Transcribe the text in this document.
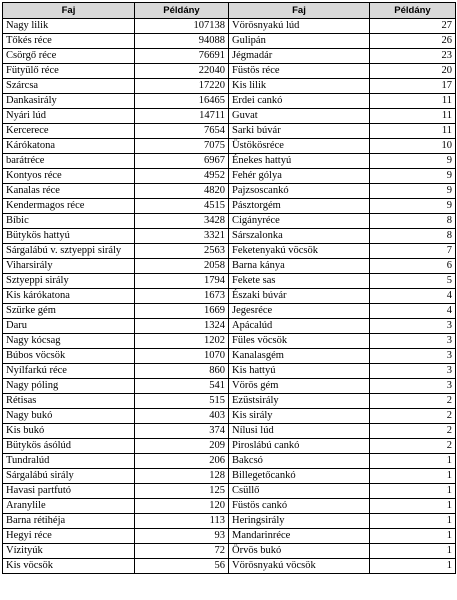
Faj	Példány	Faj	Példány
Nagy lilik	107138	Vörösnyakú lúd	27
Tőkés réce	94088	Gulipán	26
Csörgő réce	76691	Jégmadár	23
Fütyülő réce	22040	Füstös réce	20
Szárcsa	17220	Kis lilik	17
Dankasirály	16465	Erdei cankó	11
Nyári lúd	14711	Guvat	11
Kercerece	7654	Sarki búvár	11
Kárókatona	7075	Üstökösréce	10
barátréce	6967	Énekes hattyú	9
Kontyos réce	4952	Fehér gólya	9
Kanalas réce	4820	Pajzsoscankó	9
Kendermagos réce	4515	Pásztorgém	9
Bíbic	3428	Cigányréce	8
Bütykös hattyú	3321	Sárszalonka	8
Sárgalábú v. sztyeppi sirály	2563	Feketenyakú vöcsök	7
Viharsirály	2058	Barna kánya	6
Sztyeppi sirály	1794	Fekete sas	5
Kis kárókatona	1673	Északi búvár	4
Szürke gém	1669	Jegesréce	4
Daru	1324	Apácalúd	3
Nagy kócsag	1202	Füles vöcsök	3
Búbos vöcsök	1070	Kanalasgém	3
Nyílfarkú réce	860	Kis hattyú	3
Nagy póling	541	Vörös gém	3
Rétisas	515	Ezüstsirály	2
Nagy bukó	403	Kis sirály	2
Kis bukó	374	Nílusi lúd	2
Bütykös ásólúd	209	Piroslábú cankó	2
Tundralúd	206	Bakcsó	1
Sárgalábú sirály	128	Billegetőcankó	1
Havasi partfutó	125	Csüllő	1
Aranylile	120	Füstös cankó	1
Barna rétihéja	113	Heringsirály	1
Hegyi réce	93	Mandarinréce	1
Vízityúk	72	Örvös bukó	1
Kis vöcsök	56	Vörösnyakú vöcsök	1
